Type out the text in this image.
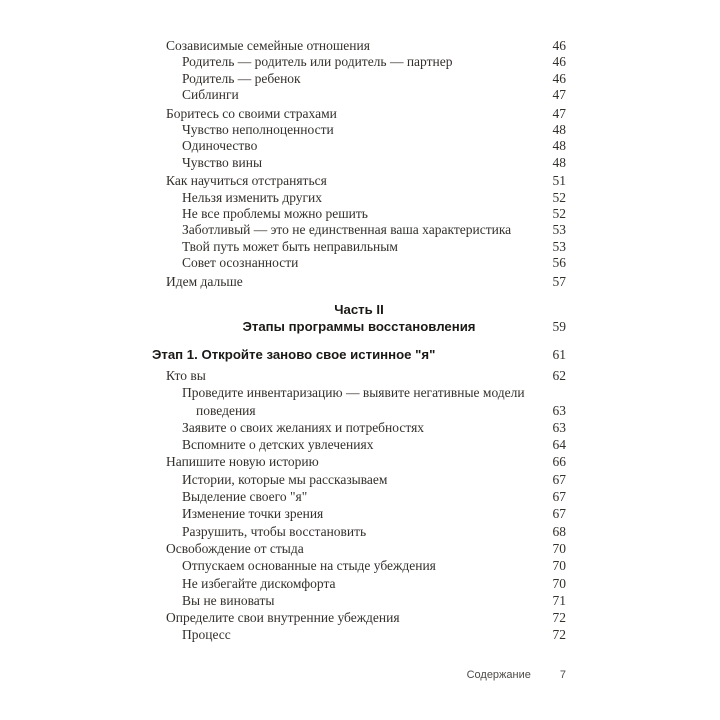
Созависимые семейные отношения	46
Родитель — родитель или родитель — партнер	46
Родитель — ребенок	46
Сиблинги	47
Боритесь со своими страхами	47
Чувство неполноценности	48
Одиночество	48
Чувство вины	48
Как научиться отстраняться	51
Нельзя изменить других	52
Не все проблемы можно решить	52
Заботливый — это не единственная ваша характеристика	53
Твой путь может быть неправильным	53
Совет осознанности	56
Идем дальше	57
Часть II
Этапы программы восстановления	59
Этап 1. Откройте заново свое истинное "я"	61
Кто вы	62
Проведите инвентаризацию — выявите негативные модели поведения	63
Заявите о своих желаниях и потребностях	63
Вспомните о детских увлечениях	64
Напишите новую историю	66
Истории, которые мы рассказываем	67
Выделение своего "я"	67
Изменение точки зрения	67
Разрушить, чтобы восстановить	68
Освобождение от стыда	70
Отпускаем основанные на стыде убеждения	70
Не избегайте дискомфорта	70
Вы не виноваты	71
Определите свои внутренние убеждения	72
Процесс	72
Содержание	7
